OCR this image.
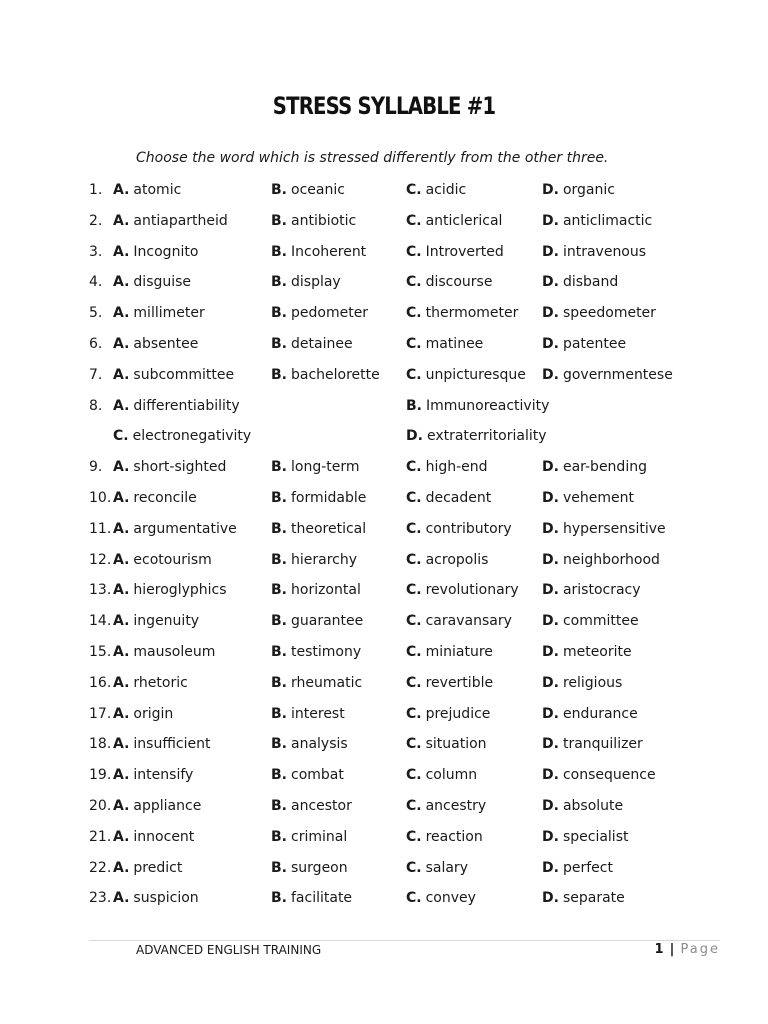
STRESS SYLLABLE #1
Choose the word which is stressed differently from the other three.
1. A. atomic	B. oceanic	C. acidic	D. organic
2. A. antiapartheid	B. antibiotic	C. anticlerical	D. anticlimactic
3. A. Incognito	B. Incoherent	C. Introverted	D. intravenous
4. A. disguise	B. display	C. discourse	D. disband
5. A. millimeter	B. pedometer	C. thermometer D. speedometer
6. A. absentee	B. detainee	C. matinee	D. patentee
7. A. subcommittee	B. bachelorette C. unpicturesque D. governmentese
8. A. differentiability	B. Immunoreactivity
C. electronegativity	D. extraterritoriality
9. A. short-sighted	B. long-term	C. high-end	D. ear-bending
10. A. reconcile	B. formidable	C. decadent	D. vehement
11. A. argumentative B. theoretical	C. contributory D. hypersensitive
12. A. ecotourism	B. hierarchy	C. acropolis	D. neighborhood
13. A. hieroglyphics	B. horizontal	C. revolutionary D. aristocracy
14. A. ingenuity	B. guarantee	C. caravansary D. committee
15. A. mausoleum	B. testimony	C. miniature	D. meteorite
16. A. rhetoric	B. rheumatic	C. revertible	D. religious
17. A. origin	B. interest	C. prejudice	D. endurance
18. A. insufficient	B. analysis	C. situation	D. tranquilizer
19. A. intensify	B. combat	C. column	D. consequence
20. A. appliance	B. ancestor	C. ancestry	D. absolute
21. A. innocent	B. criminal	C. reaction	D. specialist
22. A. predict	B. surgeon	C. salary	D. perfect
23. A. suspicion	B. facilitate	C. convey	D. separate
ADVANCED ENGLISH TRAINING	1 | Page
